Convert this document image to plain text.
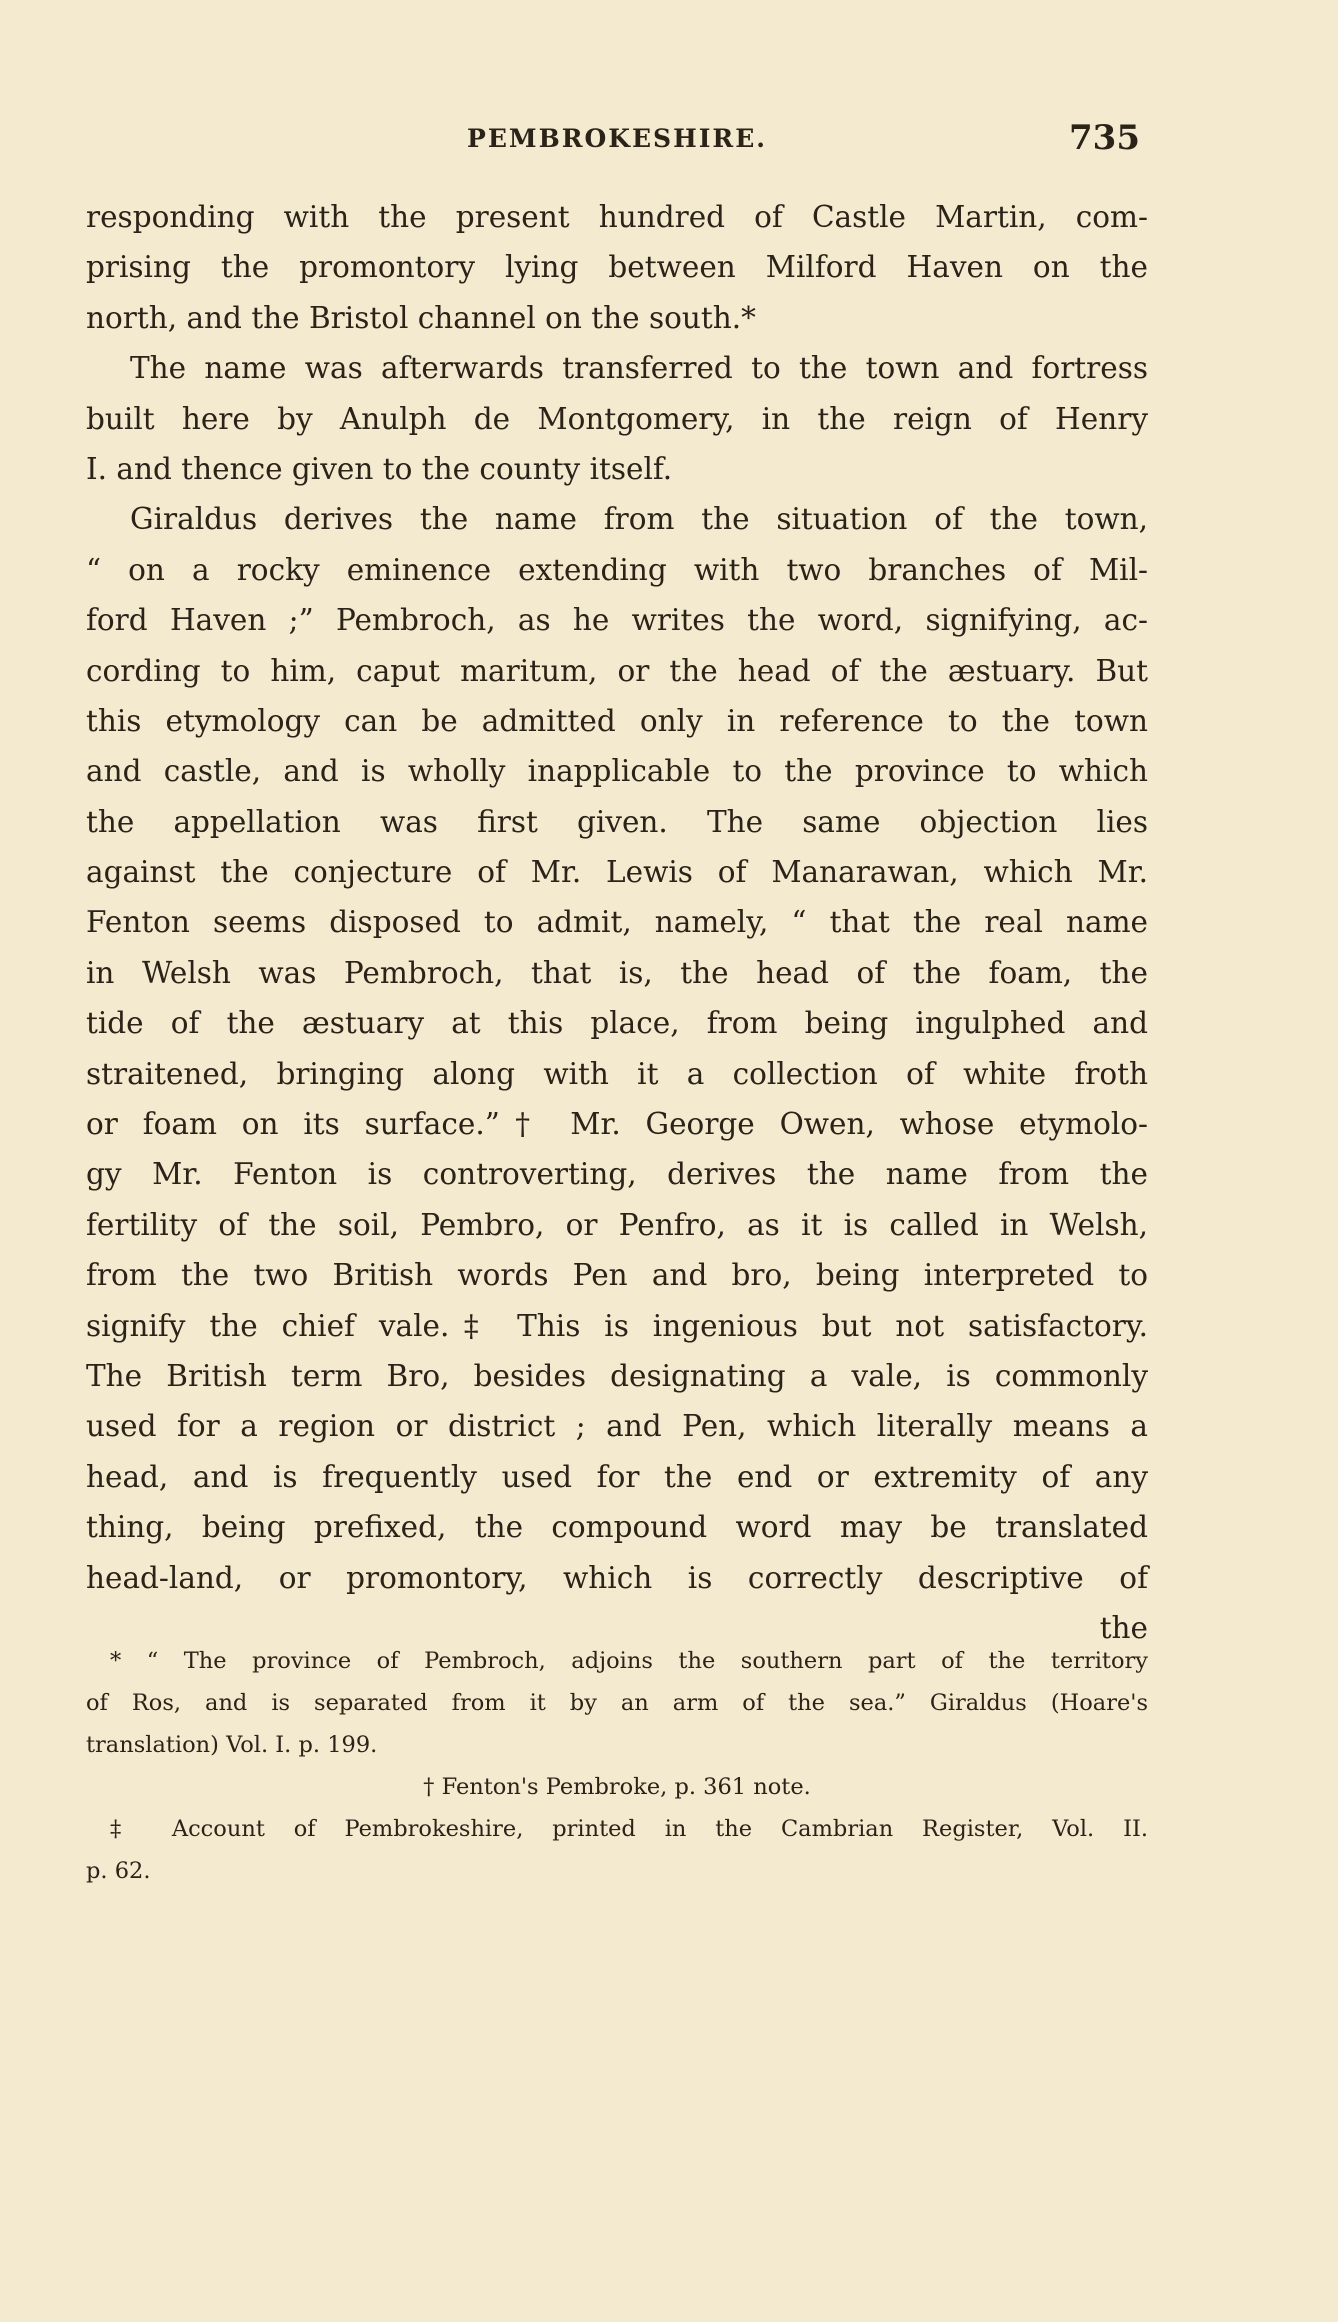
PEMBROKESHIRE.	735
responding with the present hundred of Castle Martin, com-
prising the promontory lying between Milford Haven on the
north, and the Bristol channel on the south.*
The name was afterwards transferred to the town and fortress
built here by Anulph de Montgomery, in the reign of Henry
I. and thence given to the county itself.
Giraldus derives the name from the situation of the town,
“ on a rocky eminence extending with two branches of Mil-
ford Haven ;” Pembroch, as he writes the word, signifying, ac-
cording to him, caput maritum, or the head of the æstuary. But
this etymology can be admitted only in reference to the town
and castle, and is wholly inapplicable to the province to which
the appellation was first given. The same objection lies
against the conjecture of Mr. Lewis of Manarawan, which Mr.
Fenton seems disposed to admit, namely, “ that the real name
in Welsh was Pembroch, that is, the head of the foam, the
tide of the æstuary at this place, from being ingulphed and
straitened, bringing along with it a collection of white froth
or foam on its surface.”† Mr. George Owen, whose etymolo-
gy Mr. Fenton is controverting, derives the name from the
fertility of the soil, Pembro, or Penfro, as it is called in Welsh,
from the two British words Pen and bro, being interpreted to
signify the chief vale.‡ This is ingenious but not satisfactory.
The British term Bro, besides designating a vale, is commonly
used for a region or district ; and Pen, which literally means a
head, and is frequently used for the end or extremity of any
thing, being prefixed, the compound word may be translated
head-land, or promontory, which is correctly descriptive of
the
* “ The province of Pembroch, adjoins the southern part of the territory
of Ros, and is separated from it by an arm of the sea.” Giraldus (Hoare's
translation) Vol. I. p. 199.
† Fenton's Pembroke, p. 361 note.
‡ Account of Pembrokeshire, printed in the Cambrian Register, Vol. II.
p. 62.
